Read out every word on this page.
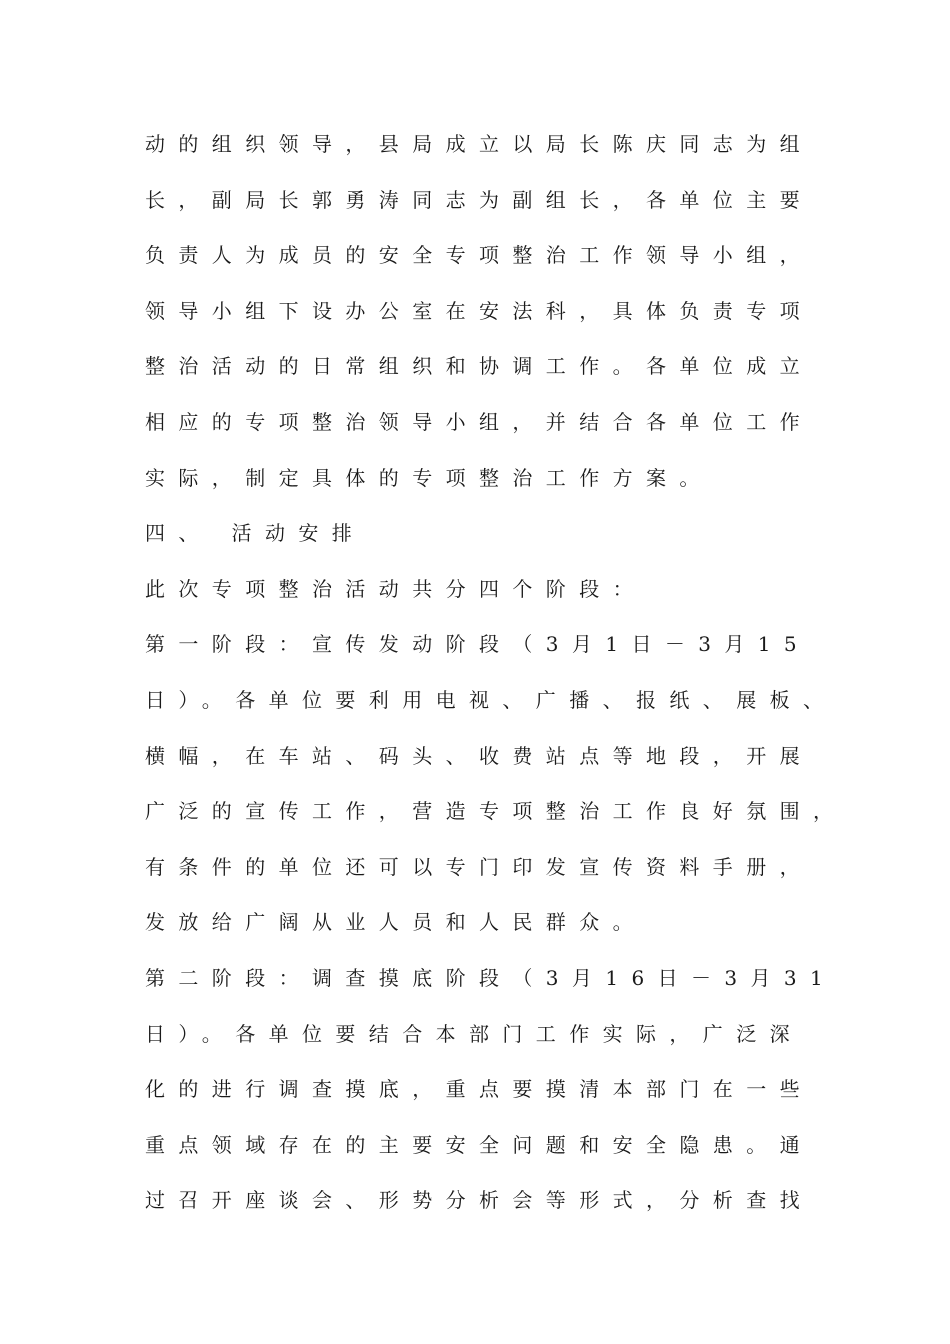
动的组织领导，县局成立以局长陈庆同志为组
长，副局长郭勇涛同志为副组长，各单位主要
负责人为成员的安全专项整治工作领导小组，
领导小组下设办公室在安法科，具体负责专项
整治活动的日常组织和协调工作。各单位成立
相应的专项整治领导小组，并结合各单位工作
实际，制定具体的专项整治工作方案。
四、 活动安排
此次专项整治活动共分四个阶段：
第一阶段：宣传发动阶段（3月1日－3月15
日）。各单位要利用电视、广播、报纸、展板、
横幅，在车站、码头、收费站点等地段，开展
广泛的宣传工作，营造专项整治工作良好氛围，
有条件的单位还可以专门印发宣传资料手册，
发放给广阔从业人员和人民群众。
第二阶段：调查摸底阶段（3月16日－3月31
日）。各单位要结合本部门工作实际，广泛深
化的进行调查摸底，重点要摸清本部门在一些
重点领域存在的主要安全问题和安全隐患。通
过召开座谈会、形势分析会等形式，分析查找
